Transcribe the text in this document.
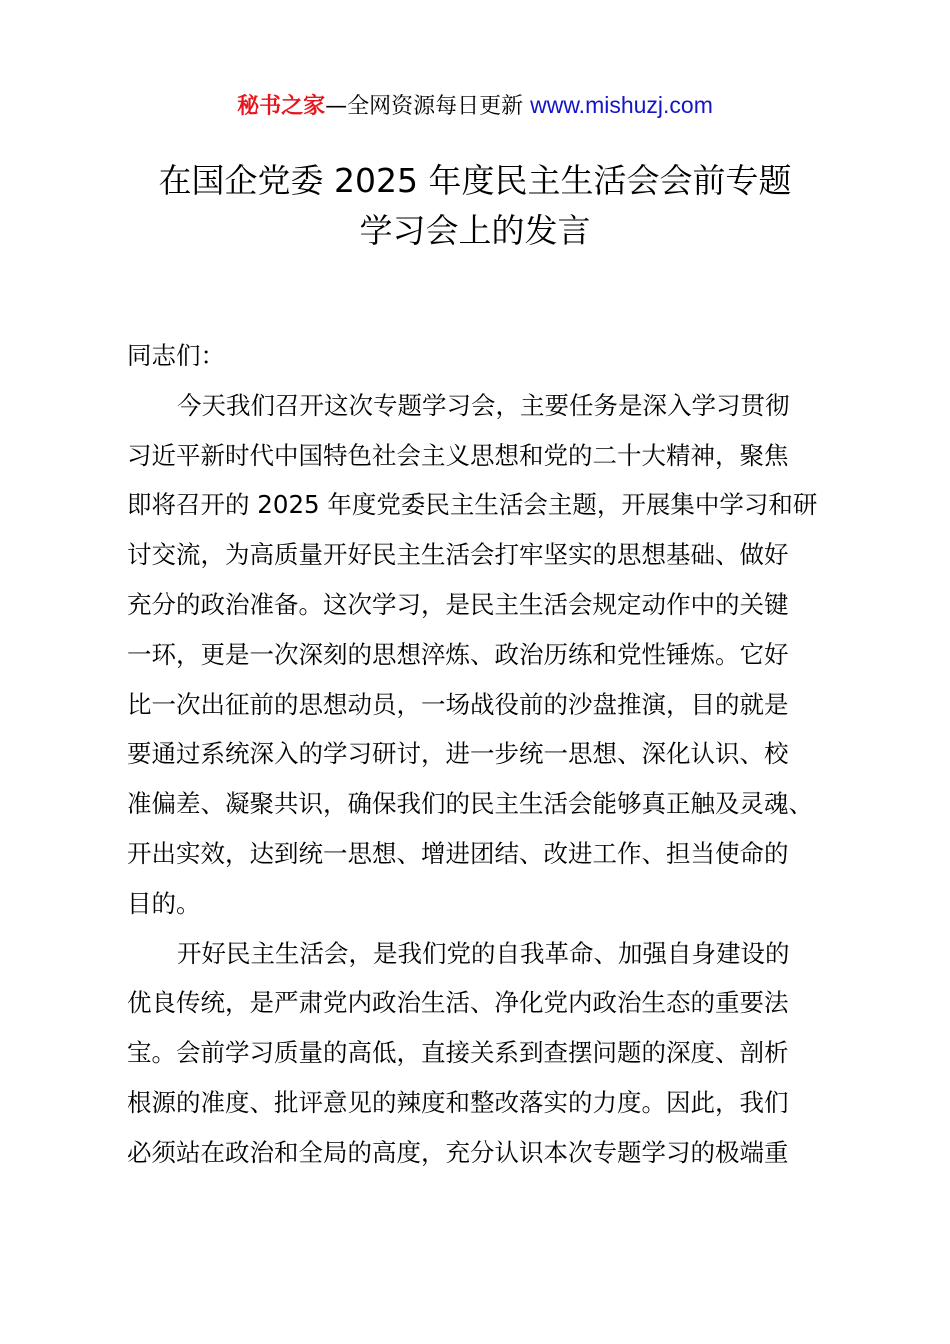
秘书之家—全网资源每日更新 www.mishuzj.com
在国企党委 2025 年度民主生活会会前专题
学习会上的发言
同志们：
今天我们召开这次专题学习会，主要任务是深入学习贯彻
习近平新时代中国特色社会主义思想和党的二十大精神，聚焦
即将召开的 2025 年度党委民主生活会主题，开展集中学习和研
讨交流，为高质量开好民主生活会打牢坚实的思想基础、做好
充分的政治准备。这次学习，是民主生活会规定动作中的关键
一环，更是一次深刻的思想淬炼、政治历练和党性锤炼。它好
比一次出征前的思想动员，一场战役前的沙盘推演，目的就是
要通过系统深入的学习研讨，进一步统一思想、深化认识、校
准偏差、凝聚共识，确保我们的民主生活会能够真正触及灵魂、
开出实效，达到统一思想、增进团结、改进工作、担当使命的
目的。
开好民主生活会，是我们党的自我革命、加强自身建设的
优良传统，是严肃党内政治生活、净化党内政治生态的重要法
宝。会前学习质量的高低，直接关系到查摆问题的深度、剖析
根源的准度、批评意见的辣度和整改落实的力度。因此，我们
必须站在政治和全局的高度，充分认识本次专题学习的极端重
